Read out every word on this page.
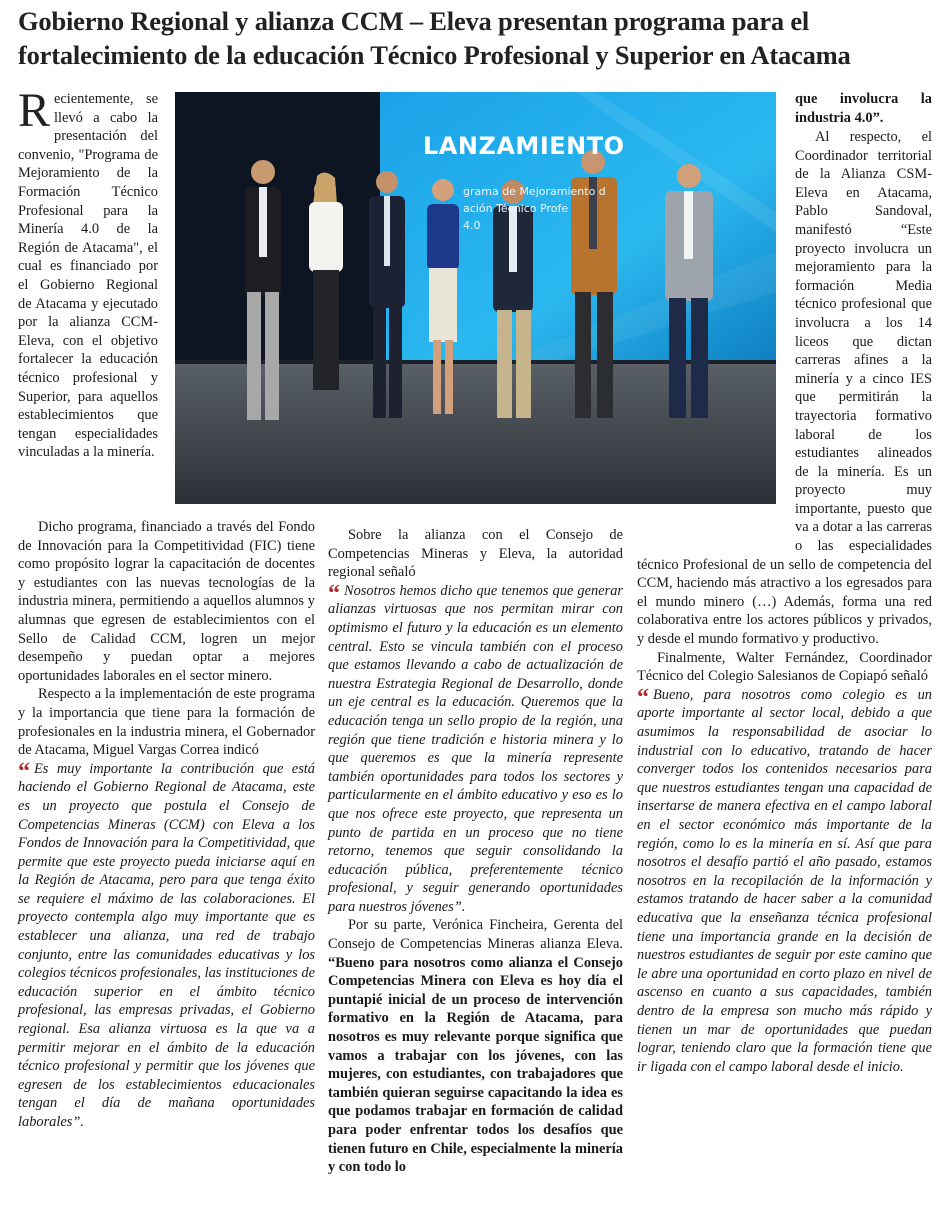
Gobierno Regional y alianza CCM – Eleva presentan programa para el fortalecimiento de la educación Técnico Profesional y Superior en Atacama
LANZAMIENTO
grama de Mejoramiento d
ación Técnico Profe
4.0

Recientemente, se llevó a cabo la presentación del convenio, "Programa de Mejoramiento de la Formación Técnico Profesional para la Minería 4.0 de la Región de Atacama", el cual es financiado por el Gobierno Regional de Atacama y ejecutado por la alianza CCM-Eleva, con el objetivo fortalecer la educación técnico profesional y Superior, para aquellos establecimientos que tengan especialidades vinculadas a la minería.

Dicho programa, financiado a través del Fondo de Innovación para la Competitividad (FIC) tiene como propósito lograr la capacitación de docentes y estudiantes con las nuevas tecnologías de la industria minera, permitiendo a aquellos alumnos y alumnas que egresen de establecimientos con el Sello de Calidad CCM, logren un mejor desempeño y puedan optar a mejores oportunidades laborales en el sector minero.

Respecto a la implementación de este programa y la importancia que tiene para la formación de profesionales en la industria minera, el Gobernador de Atacama, Miguel Vargas Correa indicó

“ Es muy importante la contribución que está haciendo el Gobierno Regional de Atacama, este es un proyecto que postula el Consejo de Competencias Mineras (CCM) con Eleva a los Fondos de Innovación para la Competitividad, que permite que este proyecto pueda iniciarse aquí en la Región de Atacama, pero para que tenga éxito se requiere el máximo de las colaboraciones. El proyecto contempla algo muy importante que es establecer una alianza, una red de trabajo conjunto, entre las comunidades educativas y los colegios técnicos profesionales, las instituciones de educación superior en el ámbito técnico profesional, las empresas privadas, el Gobierno regional. Esa alianza virtuosa es la que va a permitir mejorar en el ámbito de la educación técnico profesional y permitir que los jóvenes que egresen de los establecimientos educacionales tengan el día de mañana oportunidades laborales”.

Sobre la alianza con el Consejo de Competencias Mineras y Eleva, la autoridad regional señaló

“ Nosotros hemos dicho que tenemos que generar alianzas virtuosas que nos permitan mirar con optimismo el futuro y la educación es un elemento central. Esto se vincula también con el proceso que estamos llevando a cabo de actualización de nuestra Estrategia Regional de Desarrollo, donde un eje central es la educación. Queremos que la educación tenga un sello propio de la región, una región que tiene tradición e historia minera y lo que queremos es que la minería represente también oportunidades para todos los sectores y particularmente en el ámbito educativo y eso es lo que nos ofrece este proyecto, que representa un punto de partida en un proceso que no tiene retorno, tenemos que seguir consolidando la educación pública, preferentemente técnico profesional, y seguir generando oportunidades para nuestros jóvenes”.

Por su parte, Verónica Fincheira, Gerenta del Consejo de Competencias Mineras alianza Eleva. “Bueno para nosotros como alianza el Consejo Competencias Minera con Eleva es hoy día el puntapié inicial de un proceso de intervención formativo en la Región de Atacama, para nosotros es muy relevante porque significa que vamos a trabajar con los jóvenes, con las mujeres, con estudiantes, con trabajadores que también quieran seguirse capacitando la idea es que podamos trabajar en formación de calidad para poder enfrentar todos los desafíos que tienen futuro en Chile, especialmente la minería y con todo lo

que involucra la industria 4.0”.

Al respecto, el Coordinador territorial de la Alianza CSM-Eleva en Atacama, Pablo Sandoval, manifestó “Este proyecto involucra un mejoramiento para la formación Media técnico profesional que involucra a los 14 liceos que dictan carreras afines a la minería y a cinco IES que permitirán la trayectoria formativo laboral de los estudiantes alineados de la minería. Es un proyecto muy importante, puesto que va a dotar a las carreras o las especialidades técnico Profesional de un sello de competencia del CCM, haciendo más atractivo a los egresados para el mundo minero (…) Además, forma una red colaborativa entre los actores públicos y privados, y desde el mundo formativo y productivo.

Finalmente, Walter Fernández, Coordinador Técnico del Colegio Salesianos de Copiapó señaló

“ Bueno, para nosotros como colegio es un aporte importante al sector local, debido a que asumimos la responsabilidad de asociar lo industrial con lo educativo, tratando de hacer converger todos los contenidos necesarios para que nuestros estudiantes tengan una capacidad de insertarse de manera efectiva en el campo laboral en el sector económico más importante de la región, como lo es la minería en sí. Así que para nosotros el desafío partió el año pasado, estamos nosotros en la recopilación de la información y estamos tratando de hacer saber a la comunidad educativa que la enseñanza técnica profesional tiene una importancia grande en la decisión de nuestros estudiantes de seguir por este camino que le abre una oportunidad en corto plazo en nivel de ascenso en cuanto a sus capacidades, también dentro de la empresa son mucho más rápido y tienen un mar de oportunidades que puedan lograr, teniendo claro que la formación tiene que ir ligada con el campo laboral desde el inicio.
